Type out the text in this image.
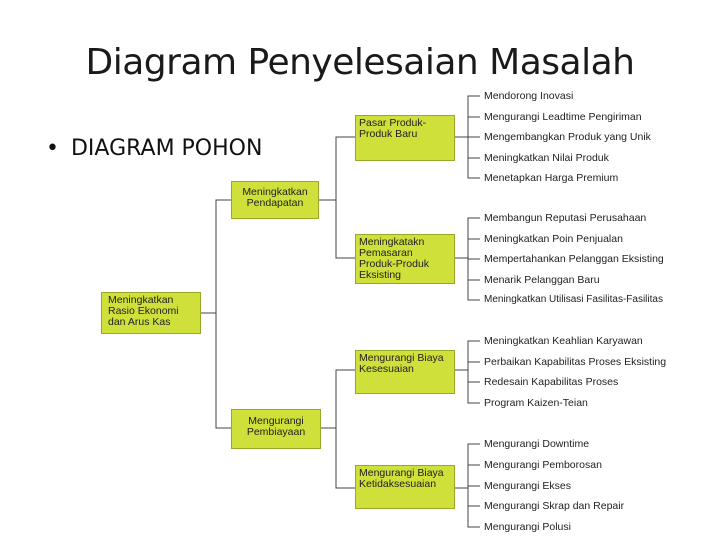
Diagram Penyelesaian Masalah
• DIAGRAM POHON
Meningkatkan Rasio Ekonomi dan Arus Kas
Meningkatkan Pendapatan
Mengurangi Pembiayaan
Pasar Produk-Produk Baru
Meningkatakn Pemasaran Produk-Produk Eksisting
Mengurangi Biaya Kesesuaian
Mengurangi Biaya Ketidaksesuaian
Mendorong Inovasi
Mengurangi Leadtime Pengiriman
Mengembangkan Produk yang Unik
Meningkatkan Nilai Produk
Menetapkan Harga Premium
Membangun Reputasi Perusahaan
Meningkatkan Poin Penjualan
Mempertahankan Pelanggan Eksisting
Menarik Pelanggan Baru
Meningkatkan Utilisasi Fasilitas-Fasilitas
Meningkatkan Keahlian Karyawan
Perbaikan Kapabilitas Proses Eksisting
Redesain Kapabilitas Proses
Program Kaizen-Teian
Mengurangi Downtime
Mengurangi Pemborosan
Mengurangi Ekses
Mengurangi Skrap dan Repair
Mengurangi Polusi
